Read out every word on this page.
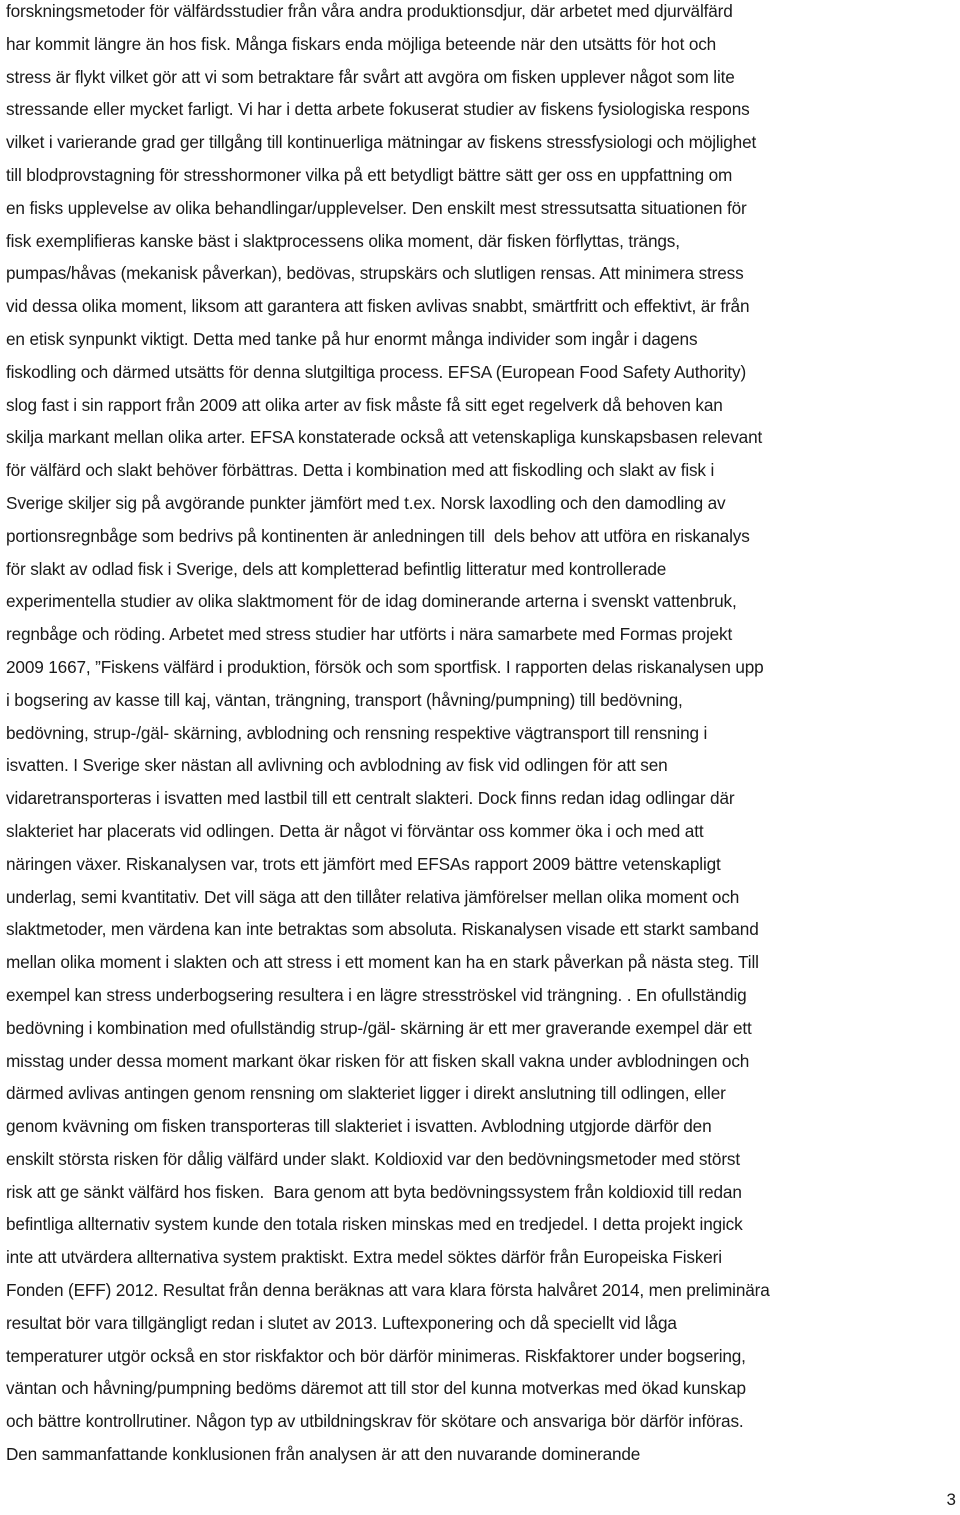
forskningsmetoder för välfärdsstudier från våra andra produktionsdjur, där arbetet med djurvälfärd
har kommit längre än hos fisk. Många fiskars enda möjliga beteende när den utsätts för hot och
stress är flykt vilket gör att vi som betraktare får svårt att avgöra om fisken upplever något som lite
stressande eller mycket farligt. Vi har i detta arbete fokuserat studier av fiskens fysiologiska respons
vilket i varierande grad ger tillgång till kontinuerliga mätningar av fiskens stressfysiologi och möjlighet
till blodprovstagning för stresshormoner vilka på ett betydligt bättre sätt ger oss en uppfattning om
en fisks upplevelse av olika behandlingar/upplevelser. Den enskilt mest stressutsatta situationen för
fisk exemplifieras kanske bäst i slaktprocessens olika moment, där fisken förflyttas, trängs,
pumpas/håvas (mekanisk påverkan), bedövas, strupskärs och slutligen rensas. Att minimera stress
vid dessa olika moment, liksom att garantera att fisken avlivas snabbt, smärtfritt och effektivt, är från
en etisk synpunkt viktigt. Detta med tanke på hur enormt många individer som ingår i dagens
fiskodling och därmed utsätts för denna slutgiltiga process. EFSA (European Food Safety Authority)
slog fast i sin rapport från 2009 att olika arter av fisk måste få sitt eget regelverk då behoven kan
skilja markant mellan olika arter. EFSA konstaterade också att vetenskapliga kunskapsbasen relevant
för välfärd och slakt behöver förbättras. Detta i kombination med att fiskodling och slakt av fisk i
Sverige skiljer sig på avgörande punkter jämfört med t.ex. Norsk laxodling och den damodling av
portionsregnbåge som bedrivs på kontinenten är anledningen till  dels behov att utföra en riskanalys
för slakt av odlad fisk i Sverige, dels att kompletterad befintlig litteratur med kontrollerade
experimentella studier av olika slaktmoment för de idag dominerande arterna i svenskt vattenbruk,
regnbåge och röding. Arbetet med stress studier har utförts i nära samarbete med Formas projekt
2009 1667, ”Fiskens välfärd i produktion, försök och som sportfisk. I rapporten delas riskanalysen upp
i bogsering av kasse till kaj, väntan, trängning, transport (håvning/pumpning) till bedövning,
bedövning, strup-/gäl- skärning, avblodning och rensning respektive vägtransport till rensning i
isvatten. I Sverige sker nästan all avlivning och avblodning av fisk vid odlingen för att sen
vidaretransporteras i isvatten med lastbil till ett centralt slakteri. Dock finns redan idag odlingar där
slakteriet har placerats vid odlingen. Detta är något vi förväntar oss kommer öka i och med att
näringen växer. Riskanalysen var, trots ett jämfört med EFSAs rapport 2009 bättre vetenskapligt
underlag, semi kvantitativ. Det vill säga att den tillåter relativa jämförelser mellan olika moment och
slaktmetoder, men värdena kan inte betraktas som absoluta. Riskanalysen visade ett starkt samband
mellan olika moment i slakten och att stress i ett moment kan ha en stark påverkan på nästa steg. Till
exempel kan stress underbogsering resultera i en lägre stresströskel vid trängning. . En ofullständig
bedövning i kombination med ofullständig strup-/gäl- skärning är ett mer graverande exempel där ett
misstag under dessa moment markant ökar risken för att fisken skall vakna under avblodningen och
därmed avlivas antingen genom rensning om slakteriet ligger i direkt anslutning till odlingen, eller
genom kvävning om fisken transporteras till slakteriet i isvatten. Avblodning utgjorde därför den
enskilt största risken för dålig välfärd under slakt. Koldioxid var den bedövningsmetoder med störst
risk att ge sänkt välfärd hos fisken.  Bara genom att byta bedövningssystem från koldioxid till redan
befintliga allternativ system kunde den totala risken minskas med en tredjedel. I detta projekt ingick
inte att utvärdera allternativa system praktiskt. Extra medel söktes därför från Europeiska Fiskeri
Fonden (EFF) 2012. Resultat från denna beräknas att vara klara första halvåret 2014, men preliminära
resultat bör vara tillgängligt redan i slutet av 2013. Luftexponering och då speciellt vid låga
temperaturer utgör också en stor riskfaktor och bör därför minimeras. Riskfaktorer under bogsering,
väntan och håvning/pumpning bedöms däremot att till stor del kunna motverkas med ökad kunskap
och bättre kontrollrutiner. Någon typ av utbildningskrav för skötare och ansvariga bör därför införas.
Den sammanfattande konklusionen från analysen är att den nuvarande dominerande

3
